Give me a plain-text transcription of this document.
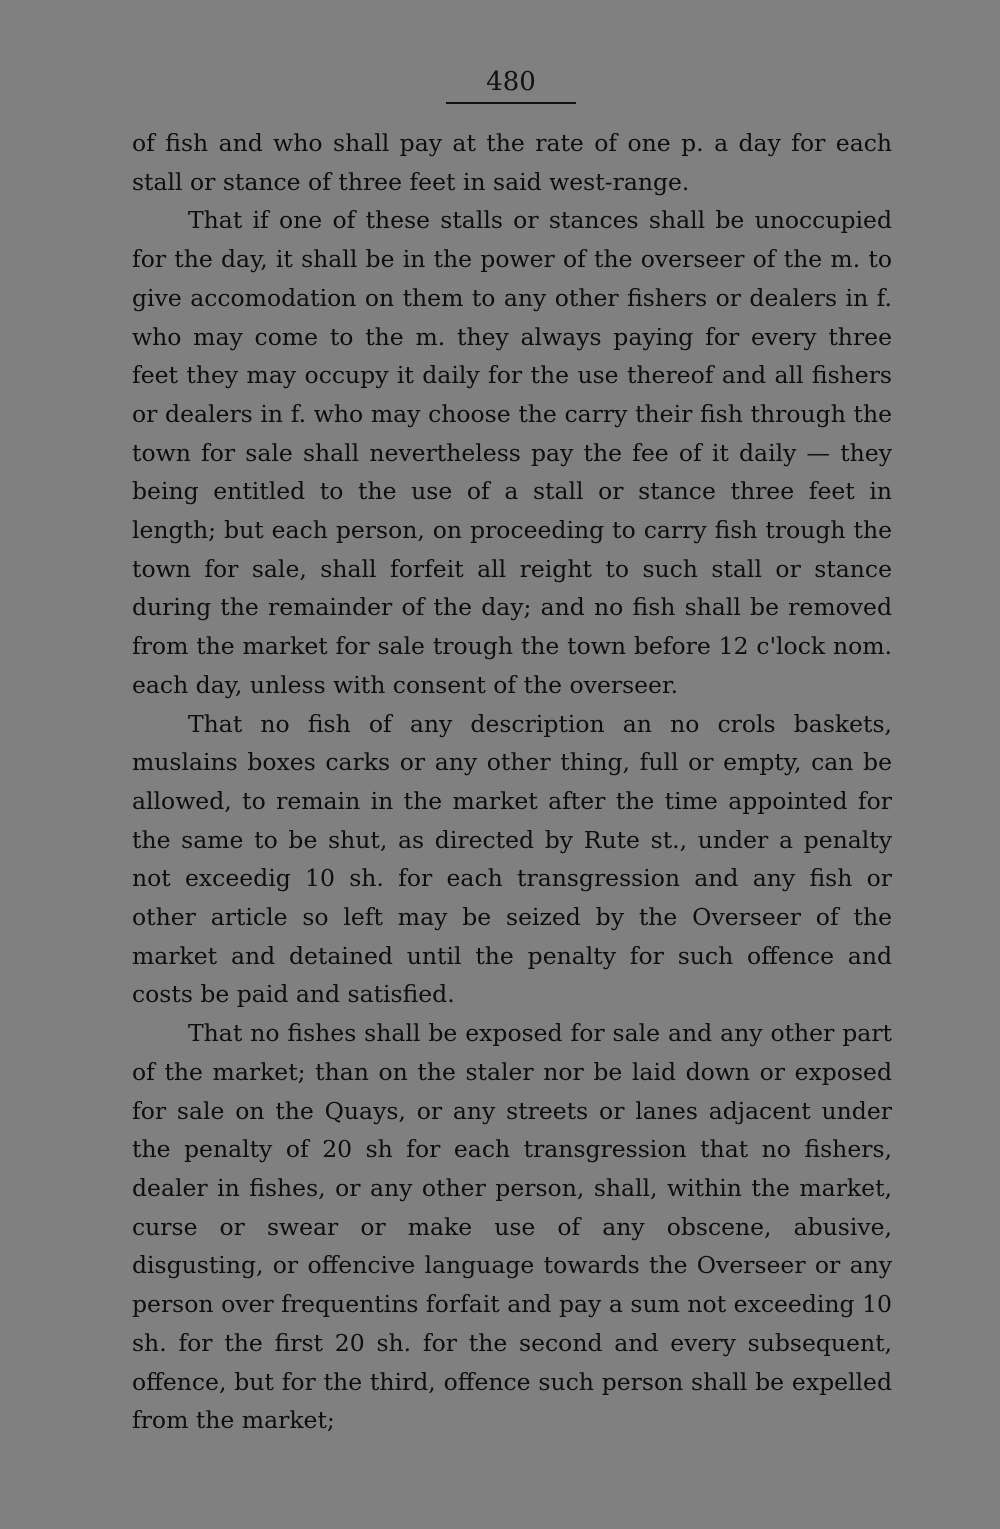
480

of fish and who shall pay at the rate of one p. a day for each stall or stance of three feet in said west-range.

That if one of these stalls or stances shall be unoccupied for the day, it shall be in the power of the overseer of the m. to give accomodation on them to any other fishers or dealers in f. who may come to the m. they always paying for every three feet they may occupy it daily for the use thereof and all fishers or dealers in f. who may choose the carry their fish through the town for sale shall nevertheless pay the fee of it daily — they being entitled to the use of a stall or stance three feet in length; but each person, on proceeding to carry fish trough the town for sale, shall forfeit all reight to such stall or stance during the remainder of the day; and no fish shall be removed from the market for sale trough the town before 12 c'lock nom. each day, unless with consent of the overseer.

That no fish of any description an no crols baskets, muslains boxes carks or any other thing, full or empty, can be allowed, to remain in the market after the time appointed for the same to be shut, as directed by Rute st., under a penalty not exceedig 10 sh. for each transgression and any fish or other article so left may be seized by the Overseer of the market and detained until the penalty for such offence and costs be paid and satisfied.

That no fishes shall be exposed for sale and any other part of the market; than on the staler nor be laid down or exposed for sale on the Quays, or any streets or lanes adjacent under the penalty of 20 sh for each transgression that no fishers, dealer in fishes, or any other person, shall, within the market, curse or swear or make use of any obscene, abusive, disgusting, or offencive language towards the Overseer or any person over frequentins forfait and pay a sum not exceeding 10 sh. for the first 20 sh. for the second and every subsequent, offence, but for the third, offence such person shall be expelled from the market;
